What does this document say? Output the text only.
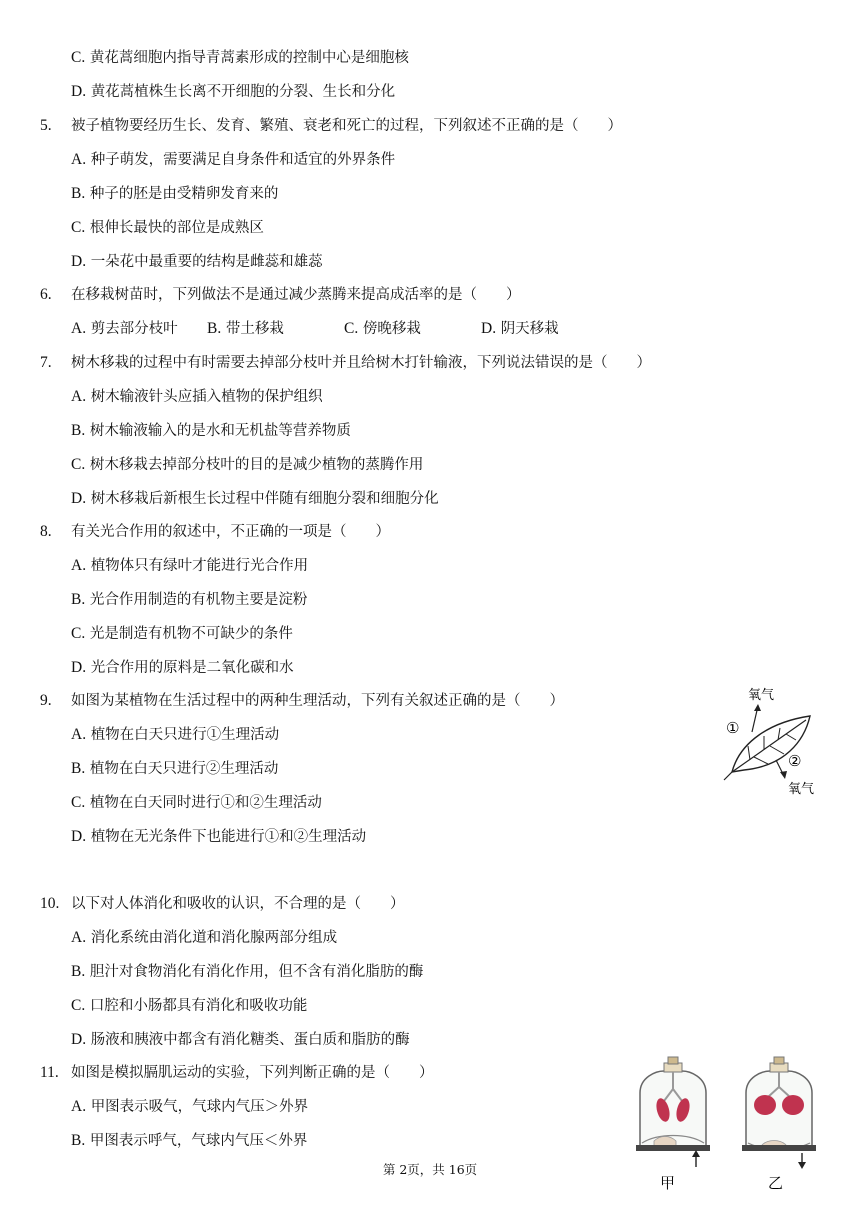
C. 黄花蒿细胞内指导青蒿素形成的控制中心是细胞核
D. 黄花蒿植株生长离不开细胞的分裂、生长和分化
5. 被子植物要经历生长、发育、繁殖、衰老和死亡的过程，下列叙述不正确的是（　　）
A. 种子萌发，需要满足自身条件和适宜的外界条件
B. 种子的胚是由受精卵发育来的
C. 根伸长最快的部位是成熟区
D. 一朵花中最重要的结构是雌蕊和雄蕊
6. 在移栽树苗时，下列做法不是通过减少蒸腾来提高成活率的是（　　）
7. 树木移栽的过程中有时需要去掉部分枝叶并且给树木打针输液，下列说法错误的是（　　）
A. 树木输液针头应插入植物的保护组织
B. 树木输液输入的是水和无机盐等营养物质
C. 树木移栽去掉部分枝叶的目的是减少植物的蒸腾作用
D. 树木移栽后新根生长过程中伴随有细胞分裂和细胞分化
8. 有关光合作用的叙述中，不正确的一项是（　　）
A. 植物体只有绿叶才能进行光合作用
B. 光合作用制造的有机物主要是淀粉
C. 光是制造有机物不可缺少的条件
D. 光合作用的原料是二氧化碳和水
9. 如图为某植物在生活过程中的两种生理活动，下列有关叙述正确的是（　　）
A. 植物在白天只进行①生理活动
B. 植物在白天只进行②生理活动
C. 植物在白天同时进行①和②生理活动
D. 植物在无光条件下也能进行①和②生理活动
10. 以下对人体消化和吸收的认识，不合理的是（　　）
A. 消化系统由消化道和消化腺两部分组成
B. 胆汁对食物消化有消化作用，但不含有消化脂肪的酶
C. 口腔和小肠都具有消化和吸收功能
D. 肠液和胰液中都含有消化糖类、蛋白质和脂肪的酶
11. 如图是模拟膈肌运动的实验，下列判断正确的是（　　）
A. 甲图表示吸气，气球内气压＞外界
B. 甲图表示呼气，气球内气压＜外界
A. 剪去部分枝叶 B. 带土移栽	C. 傍晚移栽	D. 阴天移栽
氧气
氧气
①
②
甲	乙
第 2页，共 16页
